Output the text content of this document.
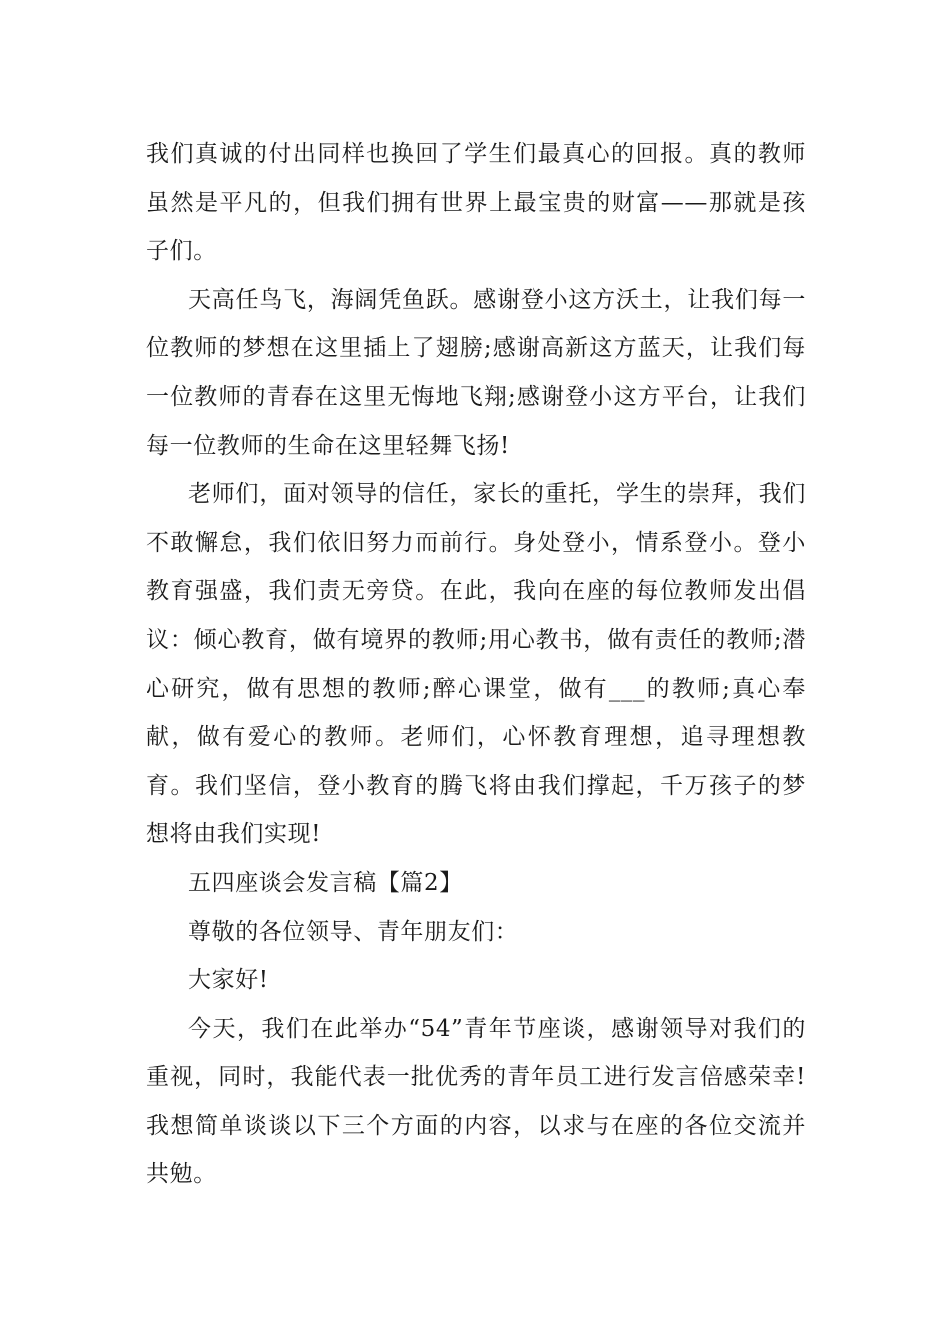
我们真诚的付出同样也换回了学生们最真心的回报。真的教师虽然是平凡的，但我们拥有世界上最宝贵的财富——那就是孩子们。

天高任鸟飞，海阔凭鱼跃。感谢登小这方沃土，让我们每一位教师的梦想在这里插上了翅膀;感谢高新这方蓝天，让我们每一位教师的青春在这里无悔地飞翔;感谢登小这方平台，让我们每一位教师的生命在这里轻舞飞扬!

老师们，面对领导的信任，家长的重托，学生的崇拜，我们不敢懈怠，我们依旧努力而前行。身处登小，情系登小。登小教育强盛，我们责无旁贷。在此，我向在座的每位教师发出倡议：倾心教育，做有境界的教师;用心教书，做有责任的教师;潜心研究，做有思想的教师;醉心课堂，做有___的教师;真心奉献，做有爱心的教师。老师们，心怀教育理想，追寻理想教育。我们坚信，登小教育的腾飞将由我们撑起，千万孩子的梦想将由我们实现!

五四座谈会发言稿【篇2】

尊敬的各位领导、青年朋友们：

大家好!

今天，我们在此举办“54”青年节座谈，感谢领导对我们的重视，同时，我能代表一批优秀的青年员工进行发言倍感荣幸!我想简单谈谈以下三个方面的内容，以求与在座的各位交流并共勉。
